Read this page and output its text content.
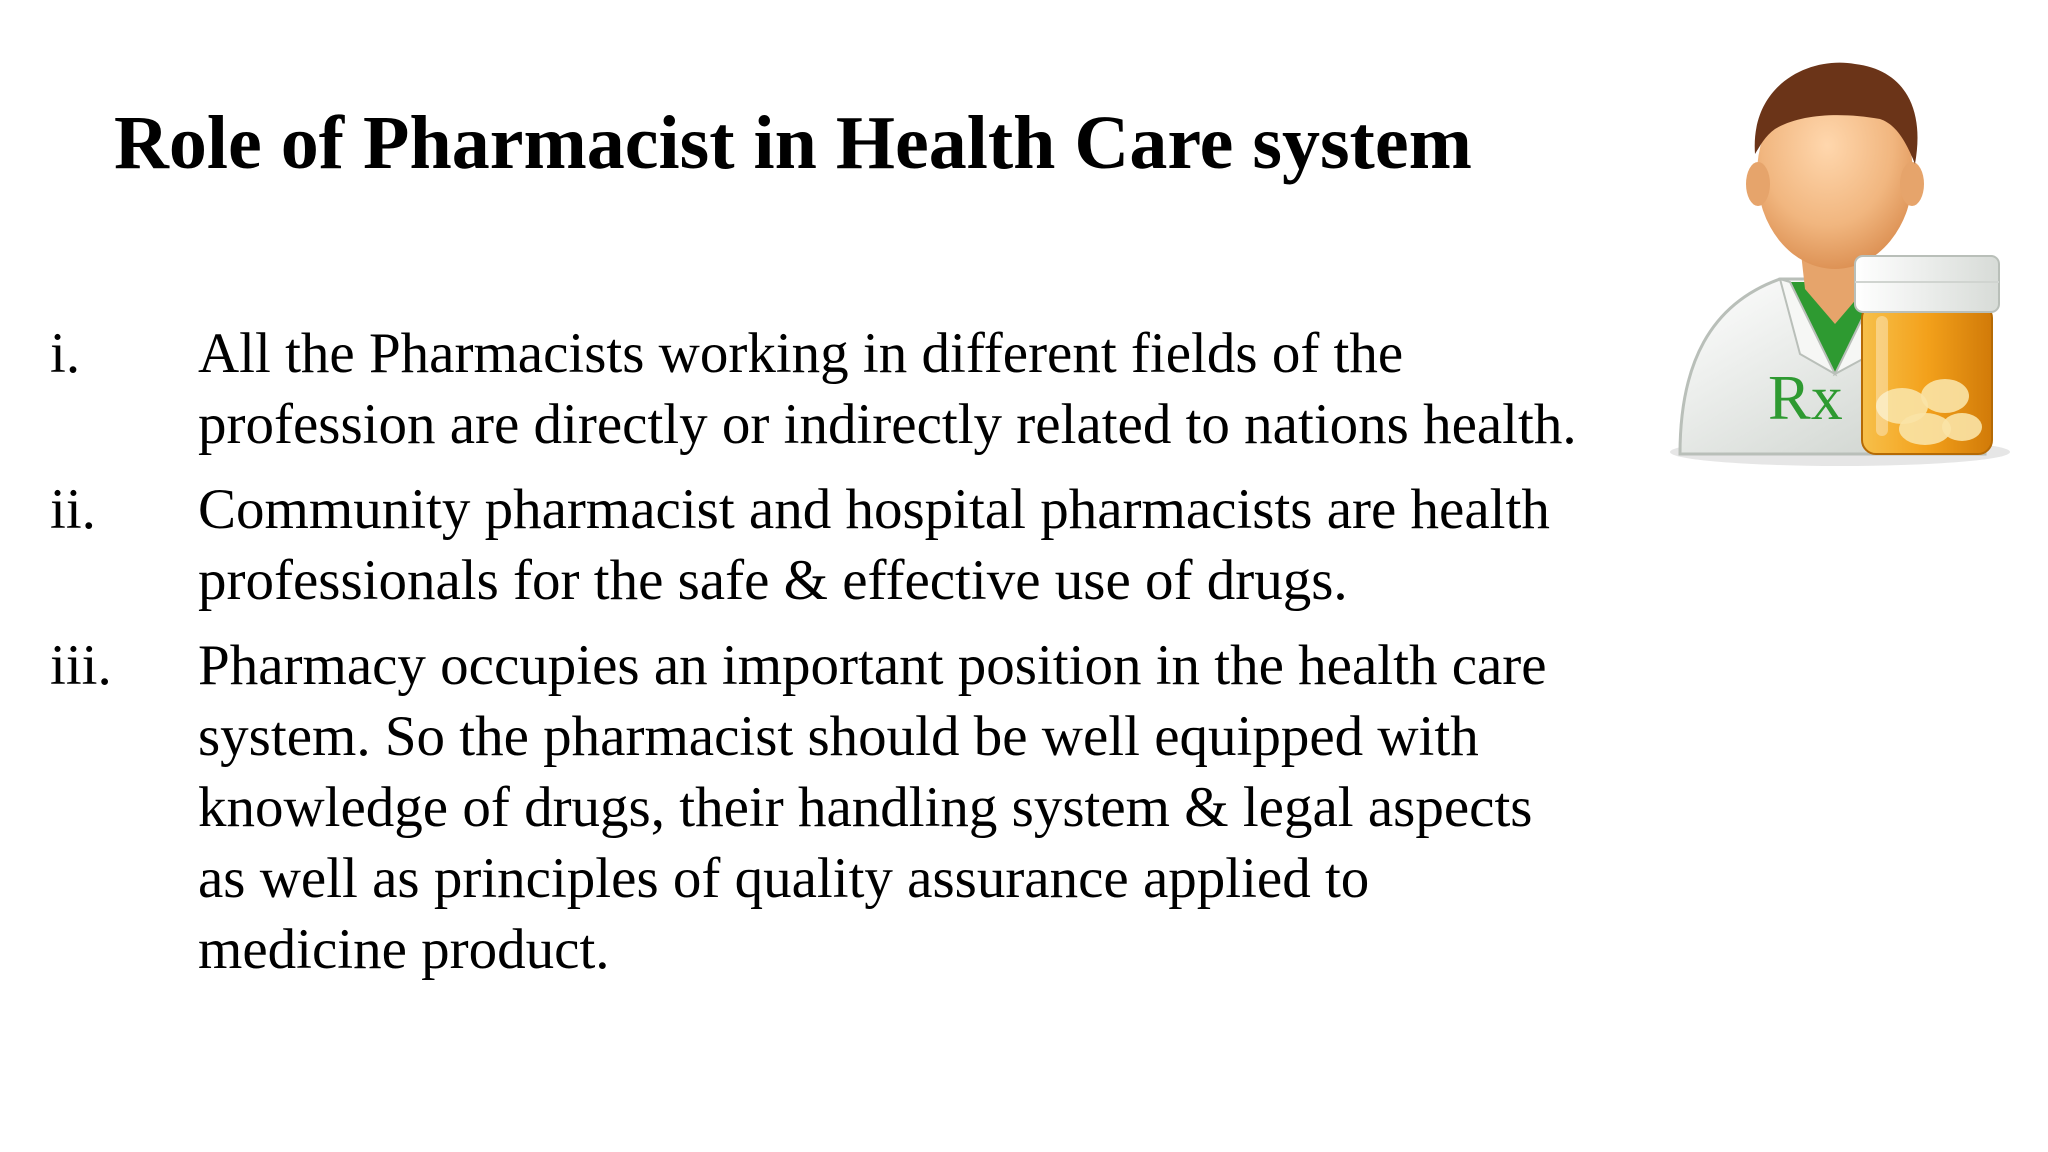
Role of Pharmacist in Health Care system
i.	All the Pharmacists working in different fields of the
profession are directly or indirectly related to nations health.
ii.	Community pharmacist and hospital pharmacists are health
professionals for the safe & effective use of drugs.
iii.	Pharmacy occupies an important position in the health care
system. So the pharmacist should be well equipped with
knowledge of drugs, their handling system & legal aspects
as well as principles of quality assurance applied to
medicine product.
Rx
